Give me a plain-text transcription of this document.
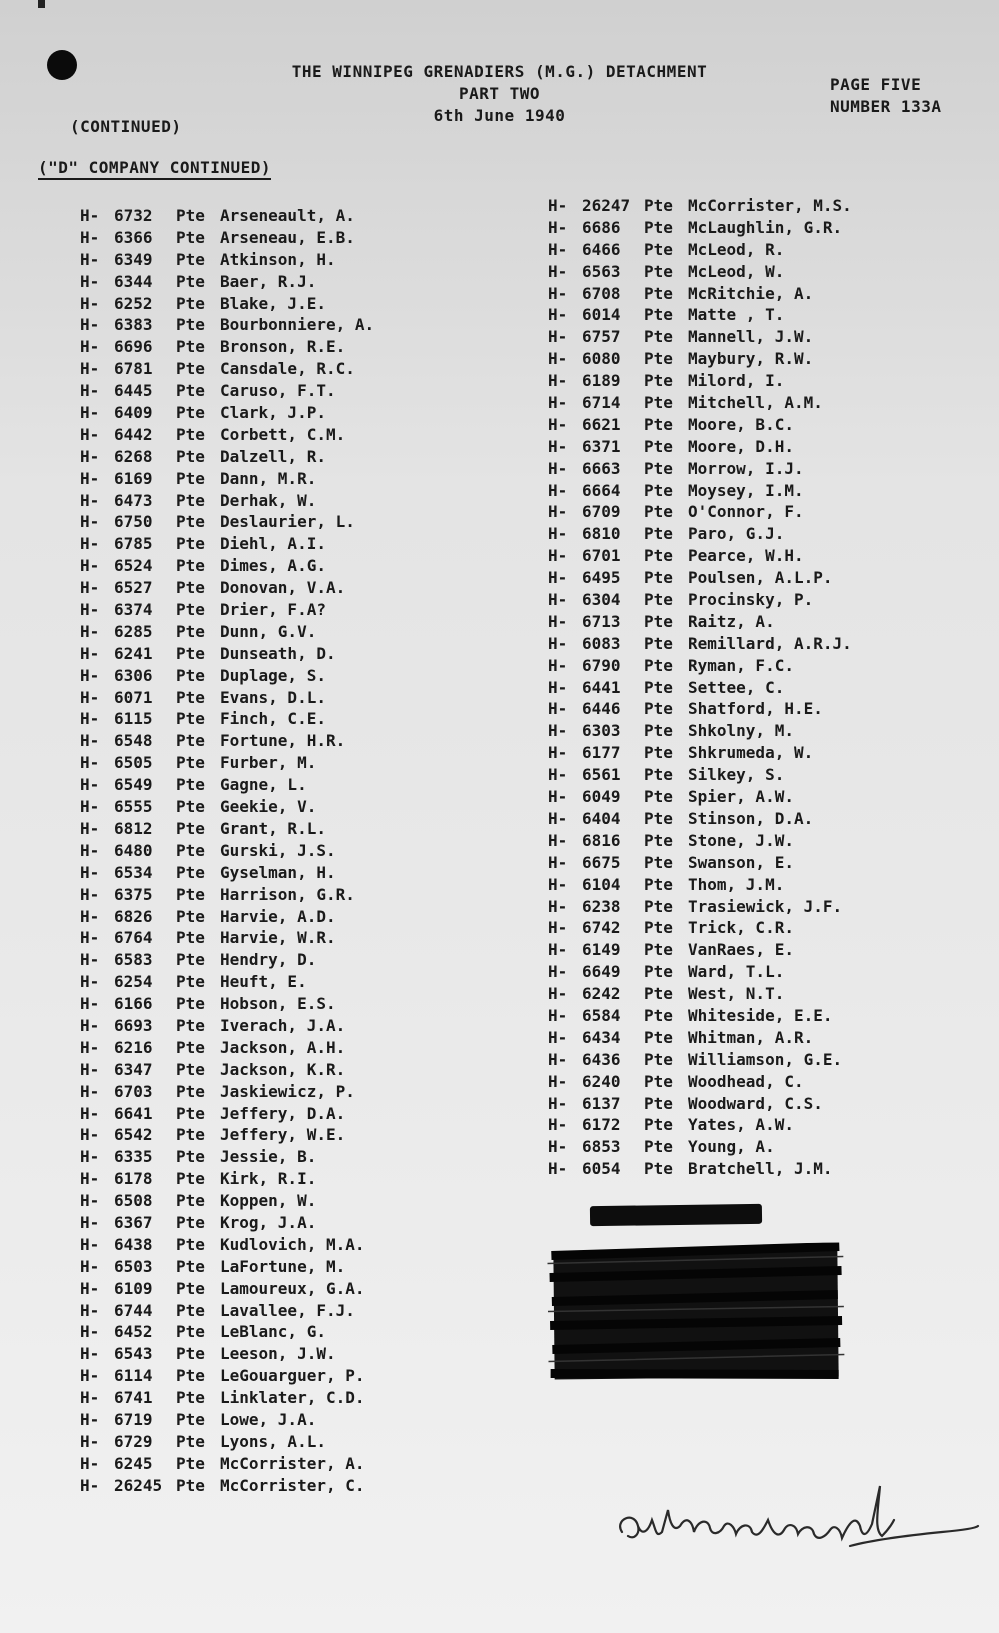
THE WINNIPEG GRENADIERS (M.G.) DETACHMENT
PART TWO
6th June 1940
PAGE FIVE
NUMBER 133A
(CONTINUED)
("D" COMPANY CONTINUED)
H- 6732 Pte Arseneault, A.
H- 6366 Pte Arseneau, E.B.
H- 6349 Pte Atkinson, H.
H- 6344 Pte Baer, R.J.
H- 6252 Pte Blake, J.E.
H- 6383 Pte Bourbonniere, A.
H- 6696 Pte Bronson, R.E.
H- 6781 Pte Cansdale, R.C.
H- 6445 Pte Caruso, F.T.
H- 6409 Pte Clark, J.P.
H- 6442 Pte Corbett, C.M.
H- 6268 Pte Dalzell, R.
H- 6169 Pte Dann, M.R.
H- 6473 Pte Derhak, W.
H- 6750 Pte Deslaurier, L.
H- 6785 Pte Diehl, A.I.
H- 6524 Pte Dimes, A.G.
H- 6527 Pte Donovan, V.A.
H- 6374 Pte Drier, F.A?
H- 6285 Pte Dunn, G.V.
H- 6241 Pte Dunseath, D.
H- 6306 Pte Duplage, S.
H- 6071 Pte Evans, D.L.
H- 6115 Pte Finch, C.E.
H- 6548 Pte Fortune, H.R.
H- 6505 Pte Furber, M.
H- 6549 Pte Gagne, L.
H- 6555 Pte Geekie, V.
H- 6812 Pte Grant, R.L.
H- 6480 Pte Gurski, J.S.
H- 6534 Pte Gyselman, H.
H- 6375 Pte Harrison, G.R.
H- 6826 Pte Harvie, A.D.
H- 6764 Pte Harvie, W.R.
H- 6583 Pte Hendry, D.
H- 6254 Pte Heuft, E.
H- 6166 Pte Hobson, E.S.
H- 6693 Pte Iverach, J.A.
H- 6216 Pte Jackson, A.H.
H- 6347 Pte Jackson, K.R.
H- 6703 Pte Jaskiewicz, P.
H- 6641 Pte Jeffery, D.A.
H- 6542 Pte Jeffery, W.E.
H- 6335 Pte Jessie, B.
H- 6178 Pte Kirk, R.I.
H- 6508 Pte Koppen, W.
H- 6367 Pte Krog, J.A.
H- 6438 Pte Kudlovich, M.A.
H- 6503 Pte LaFortune, M.
H- 6109 Pte Lamoureux, G.A.
H- 6744 Pte Lavallee, F.J.
H- 6452 Pte LeBlanc, G.
H- 6543 Pte Leeson, J.W.
H- 6114 Pte LeGouarguer, P.
H- 6741 Pte Linklater, C.D.
H- 6719 Pte Lowe, J.A.
H- 6729 Pte Lyons, A.L.
H- 6245 Pte McCorrister, A.
H- 26245 Pte McCorrister, C.
H- 26247 Pte McCorrister, M.S.
H- 6686 Pte McLaughlin, G.R.
H- 6466 Pte McLeod, R.
H- 6563 Pte McLeod, W.
H- 6708 Pte McRitchie, A.
H- 6014 Pte Matte , T.
H- 6757 Pte Mannell, J.W.
H- 6080 Pte Maybury, R.W.
H- 6189 Pte Milord, I.
H- 6714 Pte Mitchell, A.M.
H- 6621 Pte Moore, B.C.
H- 6371 Pte Moore, D.H.
H- 6663 Pte Morrow, I.J.
H- 6664 Pte Moysey, I.M.
H- 6709 Pte O'Connor, F.
H- 6810 Pte Paro, G.J.
H- 6701 Pte Pearce, W.H.
H- 6495 Pte Poulsen, A.L.P.
H- 6304 Pte Procinsky, P.
H- 6713 Pte Raitz, A.
H- 6083 Pte Remillard, A.R.J.
H- 6790 Pte Ryman, F.C.
H- 6441 Pte Settee, C.
H- 6446 Pte Shatford, H.E.
H- 6303 Pte Shkolny, M.
H- 6177 Pte Shkrumeda, W.
H- 6561 Pte Silkey, S.
H- 6049 Pte Spier, A.W.
H- 6404 Pte Stinson, D.A.
H- 6816 Pte Stone, J.W.
H- 6675 Pte Swanson, E.
H- 6104 Pte Thom, J.M.
H- 6238 Pte Trasiewick, J.F.
H- 6742 Pte Trick, C.R.
H- 6149 Pte VanRaes, E.
H- 6649 Pte Ward, T.L.
H- 6242 Pte West, N.T.
H- 6584 Pte Whiteside, E.E.
H- 6434 Pte Whitman, A.R.
H- 6436 Pte Williamson, G.E.
H- 6240 Pte Woodhead, C.
H- 6137 Pte Woodward, C.S.
H- 6172 Pte Yates, A.W.
H- 6853 Pte Young, A.
H- 6054 Pte Bratchell, J.M.
